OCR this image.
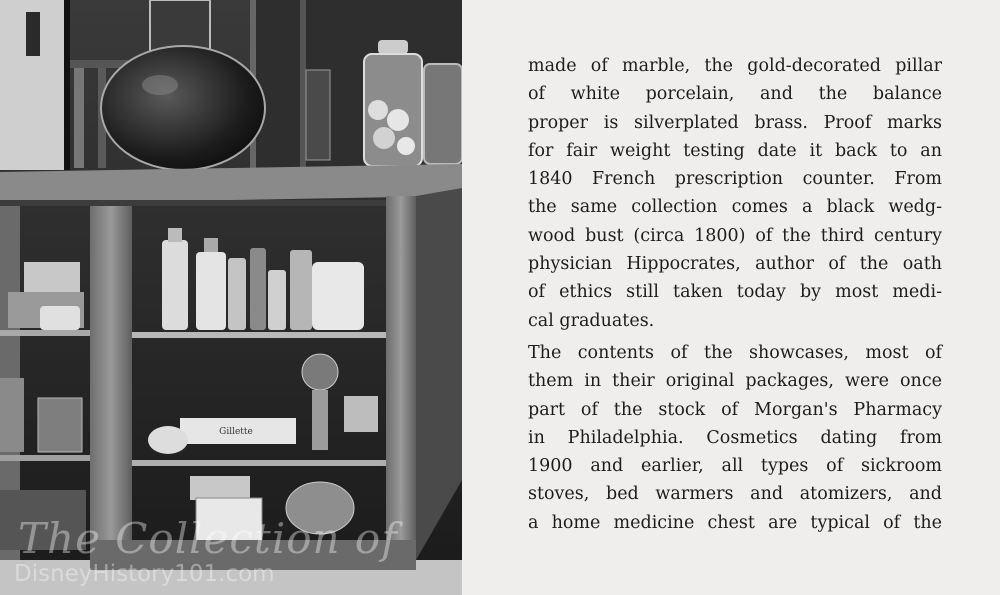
Gillette
The Collection of
DisneyHistory101.com

made of marble, the gold-decorated pillar
of white porcelain, and the balance
proper is silverplated brass. Proof marks
for fair weight testing date it back to an
1840 French prescription counter. From
the same collection comes a black wedg-
wood bust (circa 1800) of the third century
physician Hippocrates, author of the oath
of ethics still taken today by most medi-
cal graduates.

The contents of the showcases, most of
them in their original packages, were once
part of the stock of Morgan's Pharmacy
in Philadelphia. Cosmetics dating from
1900 and earlier, all types of sickroom
stoves, bed warmers and atomizers, and
a home medicine chest are typical of the
